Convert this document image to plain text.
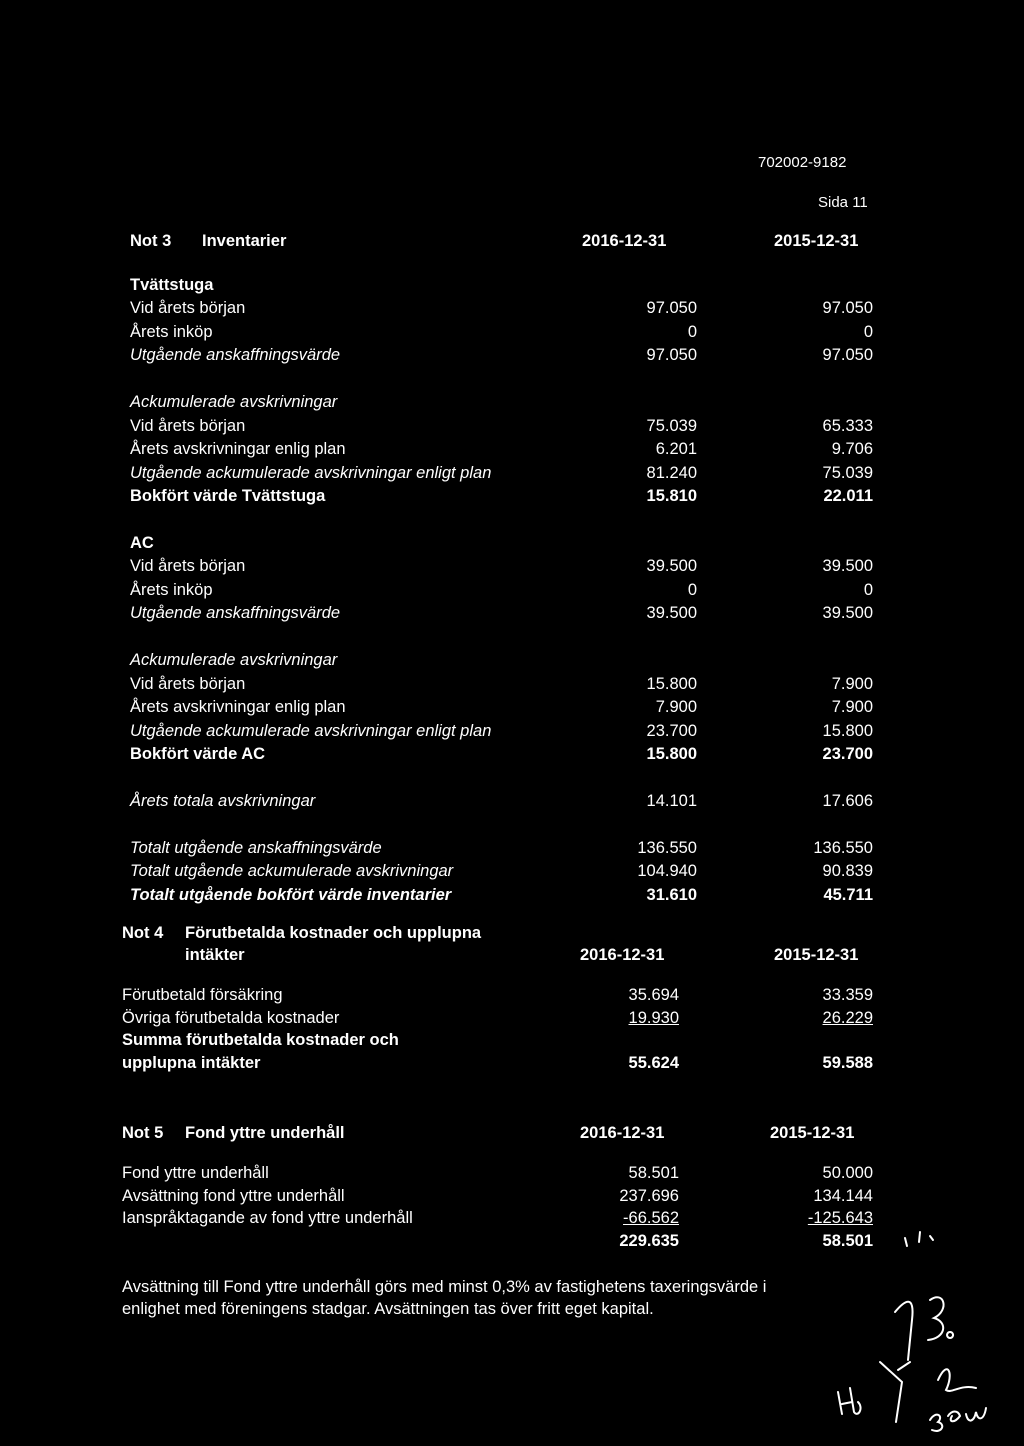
702002-9182
Sida 11
Not 3 Inventarier	2016-12-31	2015-12-31
Tvättstuga
Vid årets början	97.050	97.050
Årets inköp	0	0
Utgående anskaffningsvärde	97.050	97.050
Ackumulerade avskrivningar
Vid årets början	75.039	65.333
Årets avskrivningar enlig plan	6.201	9.706
Utgående ackumulerade avskrivningar enligt plan	81.240	75.039
Bokfört värde Tvättstuga	15.810	22.011
AC
Vid årets början	39.500	39.500
Årets inköp	0	0
Utgående anskaffningsvärde	39.500	39.500
Ackumulerade avskrivningar
Vid årets början	15.800	7.900
Årets avskrivningar enlig plan	7.900	7.900
Utgående ackumulerade avskrivningar enligt plan	23.700	15.800
Bokfört värde AC	15.800	23.700
Årets totala avskrivningar	14.101	17.606
Totalt utgående anskaffningsvärde	136.550	136.550
Totalt utgående ackumulerade avskrivningar	104.940	90.839
Totalt utgående bokfört värde inventarier	31.610	45.711
Not 4 Förutbetalda kostnader och upplupna
intäkter	2016-12-31	2015-12-31
Förutbetald försäkring	35.694	33.359
Övriga förutbetalda kostnader	19.930	26.229
Summa förutbetalda kostnader och
upplupna intäkter	55.624	59.588
Not 5 Fond yttre underhåll	2016-12-31	2015-12-31
Fond yttre underhåll	58.501	50.000
Avsättning fond yttre underhåll	237.696	134.144
Ianspråktagande av fond yttre underhåll	-66.562	-125.643
229.635	58.501
Avsättning till Fond yttre underhåll görs med minst 0,3% av fastighetens taxeringsvärde i
enlighet med föreningens stadgar. Avsättningen tas över fritt eget kapital.
